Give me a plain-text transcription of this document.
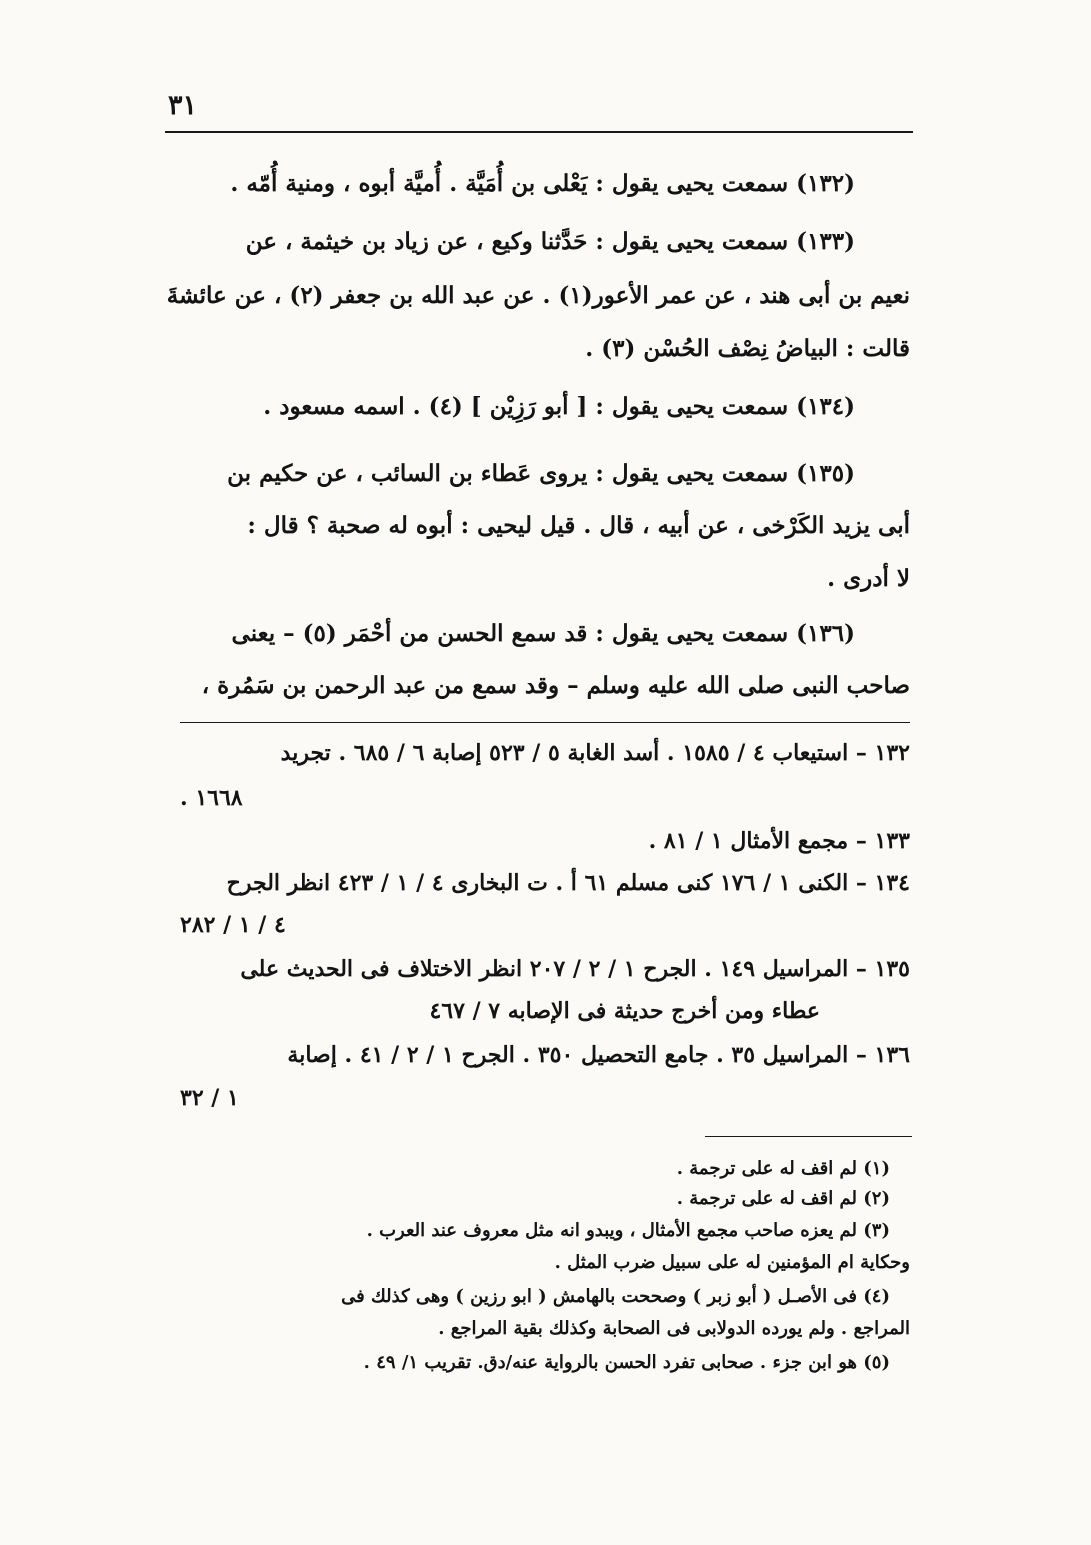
٣١
(١٣٢) سمعت يحيى يقول : يَعْلى بن أُمَيَّة . أُميَّة أبوه ، ومنية أُمّه .
(١٣٣) سمعت يحيى يقول : حَدَّثنا وكيع ، عن زياد بن خيثمة ، عن
نعيم بن أبى هند ، عن عمر الأعور(١) . عن عبد الله بن جعفر (٢) ، عن عائشةَ
قالت : البياضُ نِصْف الحُسْن (٣) .
(١٣٤) سمعت يحيى يقول : [ أبو رَزِيْن ] (٤) . اسمه مسعود .
(١٣٥) سمعت يحيى يقول : يروى عَطاء بن السائب ، عن حكيم بن
أبى يزيد الكَرْخى ، عن أبيه ، قال . قيل ليحيى : أبوه له صحبة ؟ قال :
لا أدرى .
(١٣٦) سمعت يحيى يقول : قد سمع الحسن من أحْمَر (٥) – يعنى
صاحب النبى صلى الله عليه وسلم – وقد سمع من عبد الرحمن بن سَمُرة ،
١٣٢ – استيعاب ٤ / ١٥٨٥ . أسد الغابة ٥ / ٥٢٣ إصابة ٦ / ٦٨٥ . تجريد
. ١٦٦٨
١٣٣ – مجمع الأمثال ١ / ٨١ .
١٣٤ – الكنى ١ / ١٧٦ كنى مسلم ٦١ أ . ت البخارى ٤ / ١ / ٤٢٣ انظر الجرح
٤ / ١ / ٢٨٢
١٣٥ – المراسيل ١٤٩ . الجرح ١ / ٢ / ٢٠٧ انظر الاختلاف فى الحديث على
عطاء ومن أخرج حديثة فى الإصابه ٧ / ٤٦٧
١٣٦ – المراسيل ٣٥ . جامع التحصيل ٣٥٠ . الجرح ١ / ٢ / ٤١ . إصابة
١ / ٣٢
(١) لم اقف له على ترجمة .
(٢) لم اقف له على ترجمة .
(٣) لم يعزه صاحب مجمع الأمثال ، ويبدو انه مثل معروف عند العرب .
وحكاية ام المؤمنين له على سبيل ضرب المثل .
(٤) فى الأصـل ( أبو زبر ) وصححت بالهامش ( ابو رزين ) وهى كذلك فى
المراجع . ولم يورده الدولابى فى الصحابة وكذلك بقية المراجع .
(٥) هو ابن جزء . صحابى تفرد الحسن بالرواية عنه/دق. تقريب ١/ ٤٩ .
